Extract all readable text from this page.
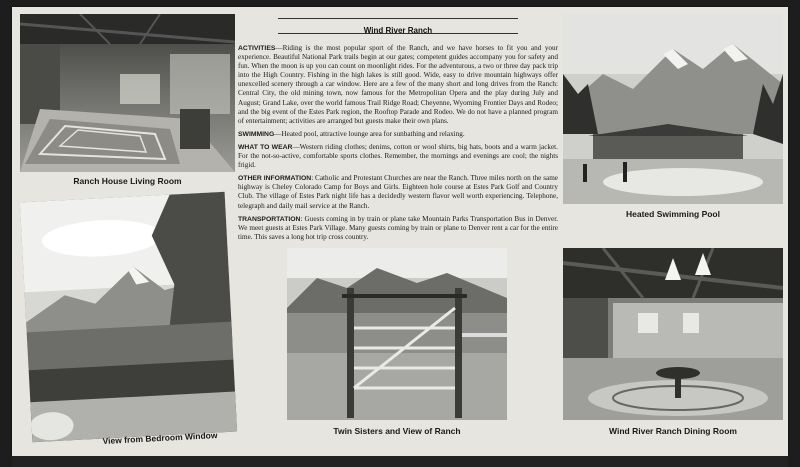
Ranch House Living Room
Wind River Ranch

ACTIVITIES—Riding is the most popular sport of the Ranch, and we have horses to fit you and your experience. Beautiful National Park trails begin at our gates; competent guides accompany you for safety and fun. When the moon is up you can count on moonlight rides. For the adventurous, a two or three day pack trip into the High Country. Fishing in the high lakes is still good. Wide, easy to drive mountain highways offer unexcelled scenery through a car window. Here are a few of the many short and long drives from the Ranch: Central City, the old mining town, now famous for the Metropolitan Opera and the play during July and August; Grand Lake, over the world famous Trail Ridge Road; Cheyenne, Wyoming Frontier Days and Rodeo; and the big event of the Estes Park region, the Rooftop Parade and Rodeo. We do not have a planned program of entertainment; activities are arranged but guests make their own plans.

SWIMMING—Heated pool, attractive lounge area for sunbathing and relaxing.

WHAT TO WEAR—Western riding clothes; denims, cotton or wool shirts, big hats, boots and a warm jacket. For the not-so-active, comfortable sports clothes. Remember, the mornings and evenings are cool; the nights frigid.

OTHER INFORMATION: Catholic and Protestant Churches are near the Ranch. Three miles north on the same highway is Cheley Colorado Camp for Boys and Girls. Eighteen hole course at Estes Park Golf and Country Club. The village of Estes Park night life has a decidedly western flavor well worth experiencing. Telephone, telegraph and daily mail service at the Ranch.

TRANSPORTATION: Guests coming in by train or plane take Mountain Parks Transportation Bus in Denver. We meet guests at Estes Park Village. Many guests coming by train or plane to Denver rent a car for the entire time. This saves a long hot trip cross country.

Heated Swimming Pool
View from Bedroom Window	Twin Sisters and View of Ranch	Wind River Ranch Dining Room
